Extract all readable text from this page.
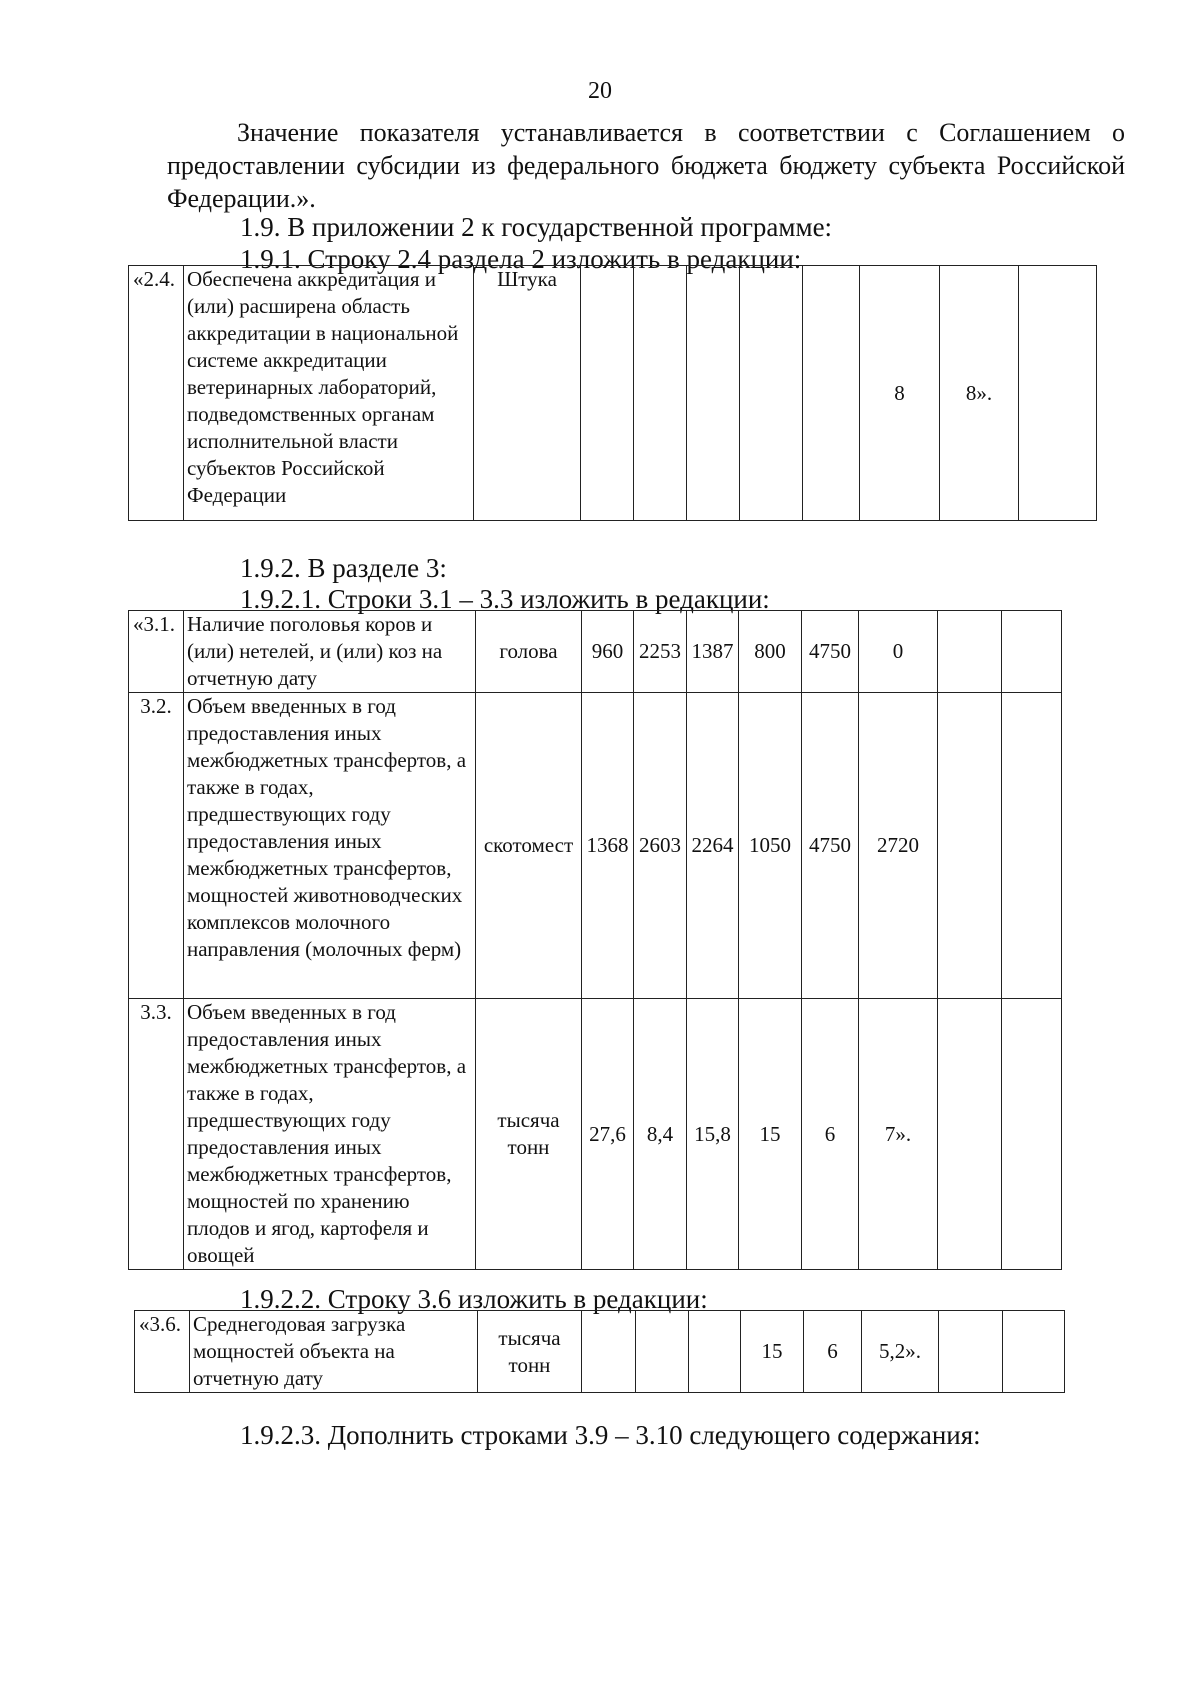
20
Значение показателя устанавливается в соответствии с Соглашением о
предоставлении субсидии из федерального бюджета бюджету субъекта Российской Федерации.».
1.9. В приложении 2 к государственной программе:
1.9.1. Строку 2.4 раздела 2 изложить в редакции:
«2.4.	Обеспечена аккредитация и (или) расширена область аккредитации в национальной системе аккредитации ветеринарных лабораторий, подведомственных органам исполнительной власти субъектов Российской Федерации	Штука						8	8».	
1.9.2. В разделе 3:
1.9.2.1. Строки 3.1 – 3.3 изложить в редакции:
«3.1.	Наличие поголовья коров и (или) нетелей, и (или) коз на отчетную дату	голова	960	2253	1387	800	4750	0		
3.2.	Объем введенных в год предоставления иных межбюджетных трансфертов, а также в годах, предшествующих году предоставления иных межбюджетных трансфертов, мощностей животноводческих комплексов молочного направления (молочных ферм)	скотомест	1368	2603	2264	1050	4750	2720		
3.3.	Объем введенных в год предоставления иных межбюджетных трансфертов, а также в годах, предшествующих году предоставления иных межбюджетных трансфертов, мощностей по хранению плодов и ягод, картофеля и овощей	тысяча тонн	27,6	8,4	15,8	15	6	7».		
1.9.2.2. Строку 3.6 изложить в редакции:
«3.6.	Среднегодовая загрузка мощностей объекта на отчетную дату	тысяча тонн				15	6	5,2».		
1.9.2.3. Дополнить строками 3.9 – 3.10 следующего содержания:
